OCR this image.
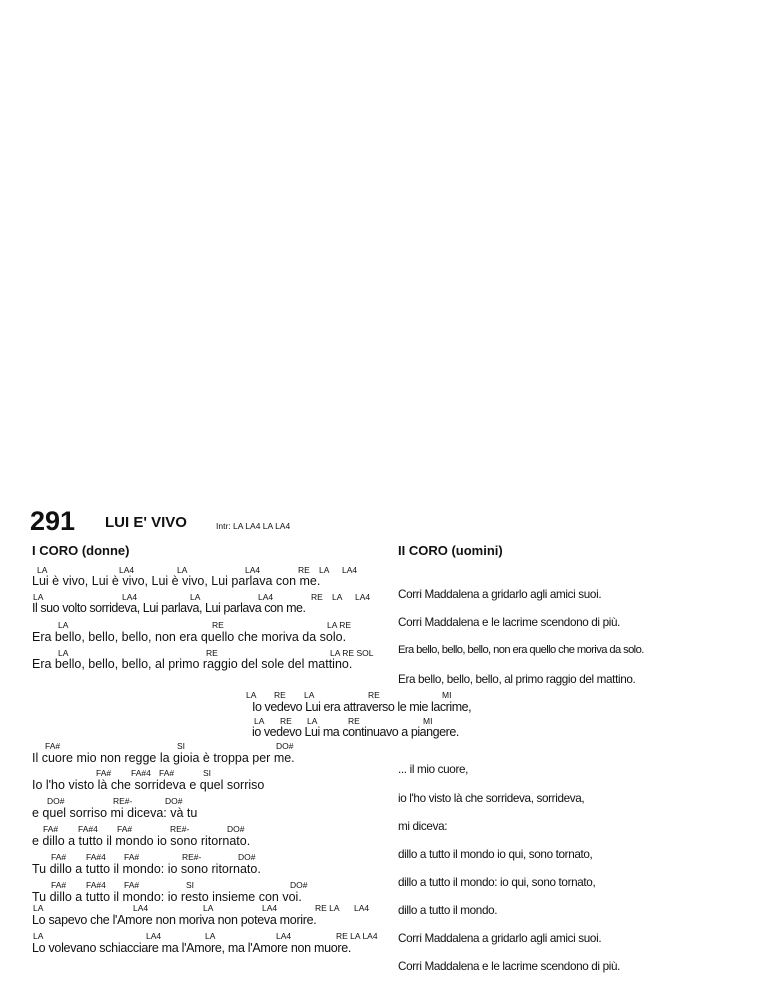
291 LUI E' VIVO	Intr: LA LA4 LA LA4
I CORO (donne)	II CORO (uomini)
LA	LA4	LA	LA4	RE LA LA4
Lui è vivo, Lui è vivo, Lui è vivo, Lui parlava con me.
LA	LA4	LA	LA4	RE LA LA4
Il suo volto sorrideva, Lui parlava, Lui parlava con me.
LA	RE	LA RE
Era bello, bello, bello, non era quello che moriva da solo.
LA	RE	LA RE SOL
Era bello, bello, bello, al primo raggio del sole del mattino.
LA RE LA	RE	MI
Io vedevo Lui era attraverso le mie lacrime,
LA RE LA	RE	MI
io vedevo Lui ma continuavo a piangere.
FA#	SI	DO#
Il cuore mio non regge la gioia è troppa per me.
FA# FA#4 FA#	SI
Io l'ho visto là che sorrideva e quel sorriso
DO#	RE#-	DO#
e quel sorriso mi diceva: và tu
FA# FA#4 FA#	RE#-	DO#
e dillo a tutto il mondo io sono ritornato.
FA# FA#4 FA#	RE#-	DO#
Tu dillo a tutto il mondo: io sono ritornato.
FA# FA#4 FA#	SI	DO#
Tu dillo a tutto il mondo: io resto insieme con voi.
LA	LA4	LA	LA4	RE LA LA4
Lo sapevo che l'Amore non moriva non poteva morire.
LA	LA4	LA	LA4	RE LA LA4
Lo volevano schiacciare ma l'Amore, ma l'Amore non muore.
Corri Maddalena a gridarlo agli amici suoi.
Corri Maddalena e le lacrime scendono di più.
Era bello, bello, bello, non era quello che moriva da solo.
Era bello, bello, bello, al primo raggio del mattino.
... il mio cuore,
io l'ho visto là che sorrideva, sorrideva,
mi diceva:
dillo a tutto il mondo io qui, sono tornato,
dillo a tutto il mondo: io qui, sono tornato,
dillo a tutto il mondo.
Corri Maddalena a gridarlo agli amici suoi.
Corri Maddalena e le lacrime scendono di più.
